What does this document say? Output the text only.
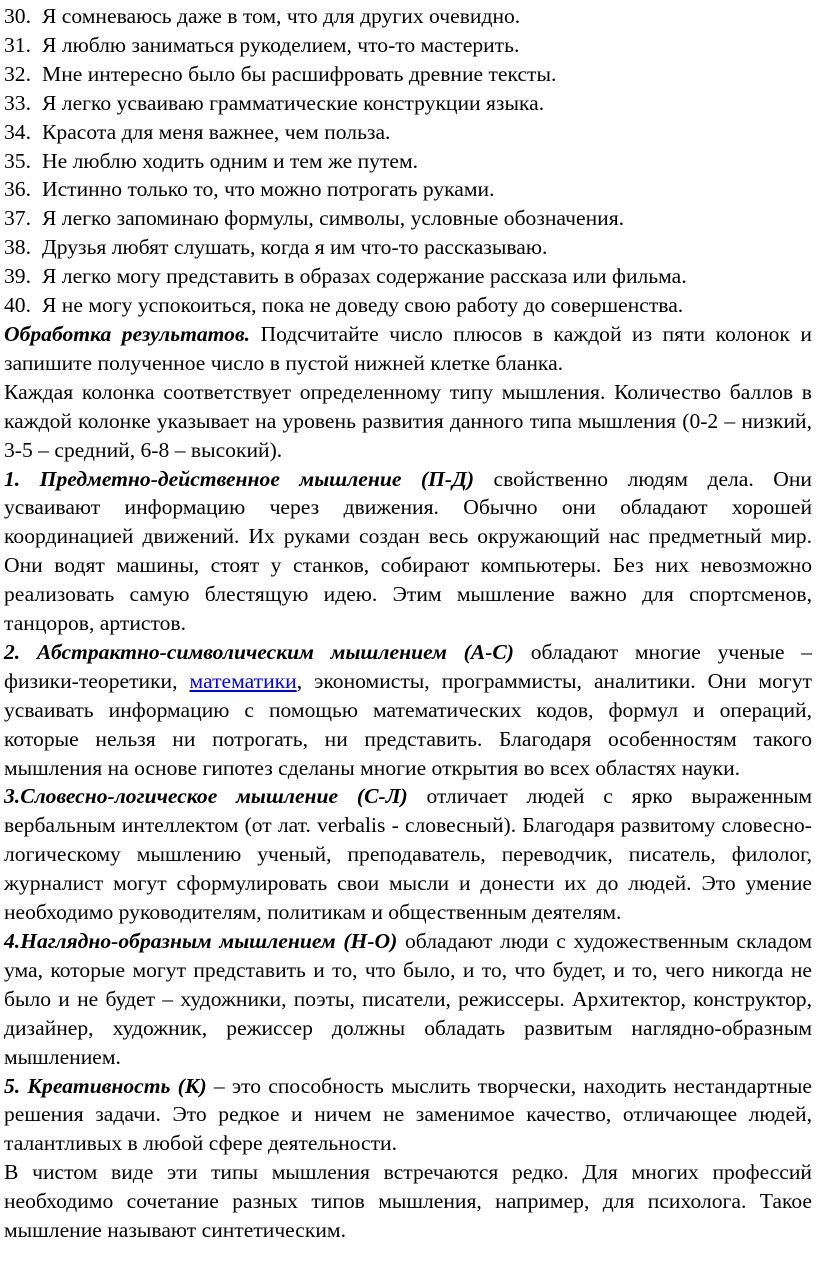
30. Я сомневаюсь даже в том, что для других очевидно.
31. Я люблю заниматься рукоделием, что-то мастерить.
32. Мне интересно было бы расшифровать древние тексты.
33. Я легко усваиваю грамматические конструкции языка.
34. Красота для меня важнее, чем польза.
35. Не люблю ходить одним и тем же путем.
36. Истинно только то, что можно потрогать руками.
37. Я легко запоминаю формулы, символы, условные обозначения.
38. Друзья любят слушать, когда я им что-то рассказываю.
39. Я легко могу представить в образах содержание рассказа или фильма.
40. Я не могу успокоиться, пока не доведу свою работу до совершенства.

Обработка результатов. Подсчитайте число плюсов в каждой из пяти колонок и запишите полученное число в пустой нижней клетке бланка.

Каждая колонка соответствует определенному типу мышления. Количество баллов в каждой колонке указывает на уровень развития данного типа мышления (0-2 – низкий, 3-5 – средний, 6-8 – высокий).

1. Предметно-действенное мышление (П-Д) свойственно людям дела. Они усваивают информацию через движения. Обычно они обладают хорошей координацией движений. Их руками создан весь окружающий нас предметный мир. Они водят машины, стоят у станков, собирают компьютеры. Без них невозможно реализовать самую блестящую идею. Этим мышление важно для спортсменов, танцоров, артистов.

2. Абстрактно-символическим мышлением (А-С) обладают многие ученые – физики-теоретики, математики, экономисты, программисты, аналитики. Они могут усваивать информацию с помощью математических кодов, формул и операций, которые нельзя ни потрогать, ни представить. Благодаря особенностям такого мышления на основе гипотез сделаны многие открытия во всех областях науки.

3.Словесно-логическое мышление (С-Л) отличает людей с ярко выраженным вербальным интеллектом (от лат. verbalis - словесный). Благодаря развитому словесно-логическому мышлению ученый, преподаватель, переводчик, писатель, филолог, журналист могут сформулировать свои мысли и донести их до людей. Это умение необходимо руководителям, политикам и общественным деятелям.

4.Наглядно-образным мышлением (Н-О) обладают люди с художественным складом ума, которые могут представить и то, что было, и то, что будет, и то, чего никогда не было и не будет – художники, поэты, писатели, режиссеры. Архитектор, конструктор, дизайнер, художник, режиссер должны обладать развитым наглядно-образным мышлением.

5. Креативность (К) – это способность мыслить творчески, находить нестандартные решения задачи. Это редкое и ничем не заменимое качество, отличающее людей, талантливых в любой сфере деятельности.

В чистом виде эти типы мышления встречаются редко. Для многих профессий необходимо сочетание разных типов мышления, например, для психолога. Такое мышление называют синтетическим.
